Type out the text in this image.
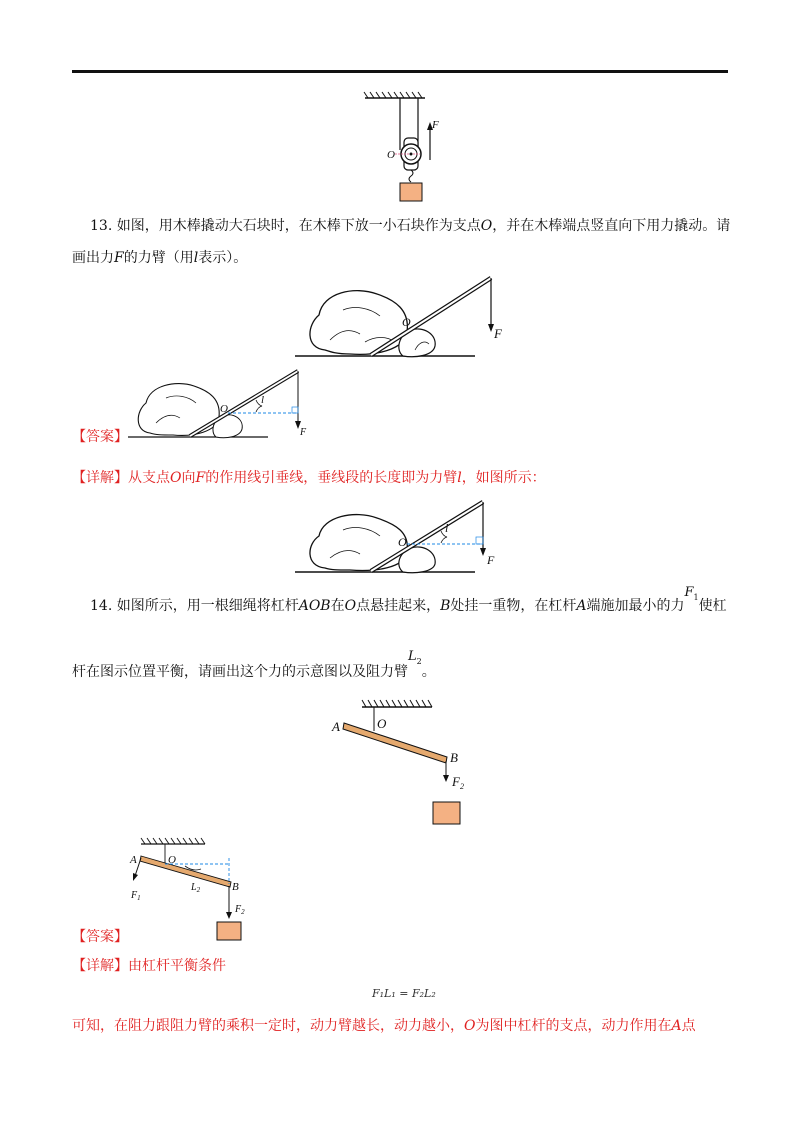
F
O
13. 如图，用木棒撬动大石块时，在木棒下放一小石块作为支点O，并在木棒端点竖直向下用力撬动。请
画出力F的力臂（用l表示）。
F
O
l
O
F
【答案】
【详解】从支点O向F的作用线引垂线，垂线段的长度即为力臂l，如图所示：
l
O
F
14. 如图所示，用一根细绳将杠杆AOB在O点悬挂起来，B处挂一重物，在杠杆A端施加最小的力F1使杠
杆在图示位置平衡，请画出这个力的示意图以及阻力臂$L_2$。
A	O
B
$F_2$
A	O
B
$L_2$
$F_1$
$F_2$
【答案】
【详解】由杠杆平衡条件
F₁L₁ = F₂L₂
可知，在阻力跟阻力臂的乘积一定时，动力臂越长，动力越小，O为图中杠杆的支点，动力作用在A点
